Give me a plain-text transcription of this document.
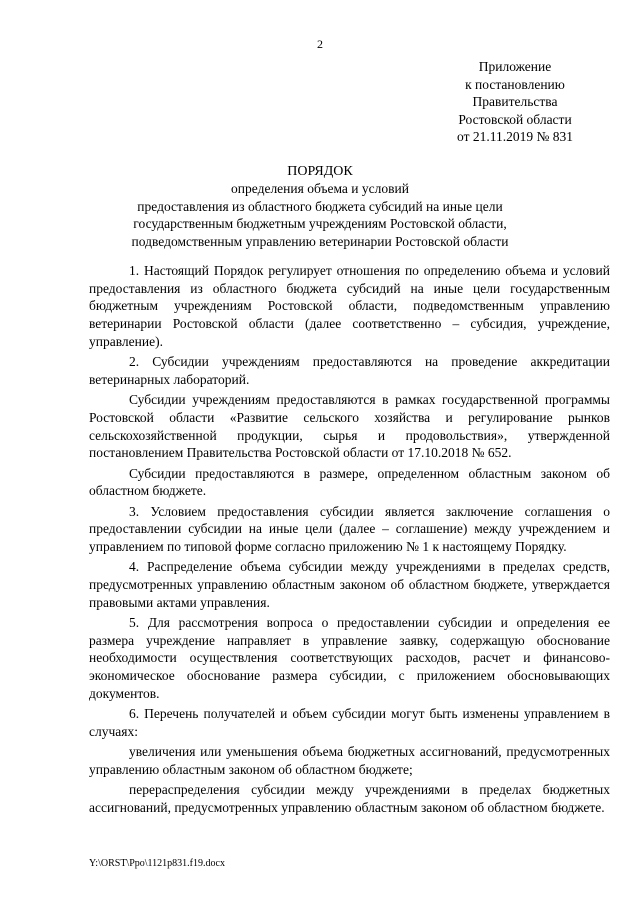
2
Приложение
к постановлению
Правительства
Ростовской области
от 21.11.2019 № 831
ПОРЯДОК
определения объема и условий
предоставления из областного бюджета субсидий на иные цели
государственным бюджетным учреждениям Ростовской области,
подведомственным управлению ветеринарии Ростовской области

1. Настоящий Порядок регулирует отношения по определению объема и условий предоставления из областного бюджета субсидий на иные цели государственным бюджетным учреждениям Ростовской области, подведомственным управлению ветеринарии Ростовской области (далее соответственно – субсидия, учреждение, управление).

2. Субсидии учреждениям предоставляются на проведение аккредитации ветеринарных лабораторий.

Субсидии учреждениям предоставляются в рамках государственной программы Ростовской области «Развитие сельского хозяйства и регулирование рынков сельскохозяйственной продукции, сырья и продовольствия», утвержденной постановлением Правительства Ростовской области от 17.10.2018 № 652.

Субсидии предоставляются в размере, определенном областным законом об областном бюджете.

3. Условием предоставления субсидии является заключение соглашения о предоставлении субсидии на иные цели (далее – соглашение) между учреждением и управлением по типовой форме согласно приложению № 1 к настоящему Порядку.

4. Распределение объема субсидии между учреждениями в пределах средств, предусмотренных управлению областным законом об областном бюджете, утверждается правовыми актами управления.

5. Для рассмотрения вопроса о предоставлении субсидии и определения ее размера учреждение направляет в управление заявку, содержащую обоснование необходимости осуществления соответствующих расходов, расчет и финансово-экономическое обоснование размера субсидии, с приложением обосновывающих документов.

6. Перечень получателей и объем субсидии могут быть изменены управлением в случаях:

увеличения или уменьшения объема бюджетных ассигнований, предусмотренных управлению областным законом об областном бюджете;

перераспределения субсидии между учреждениями в пределах бюджетных ассигнований, предусмотренных управлению областным законом об областном бюджете.

Y:\ORST\Ppo\1121p831.f19.docx
